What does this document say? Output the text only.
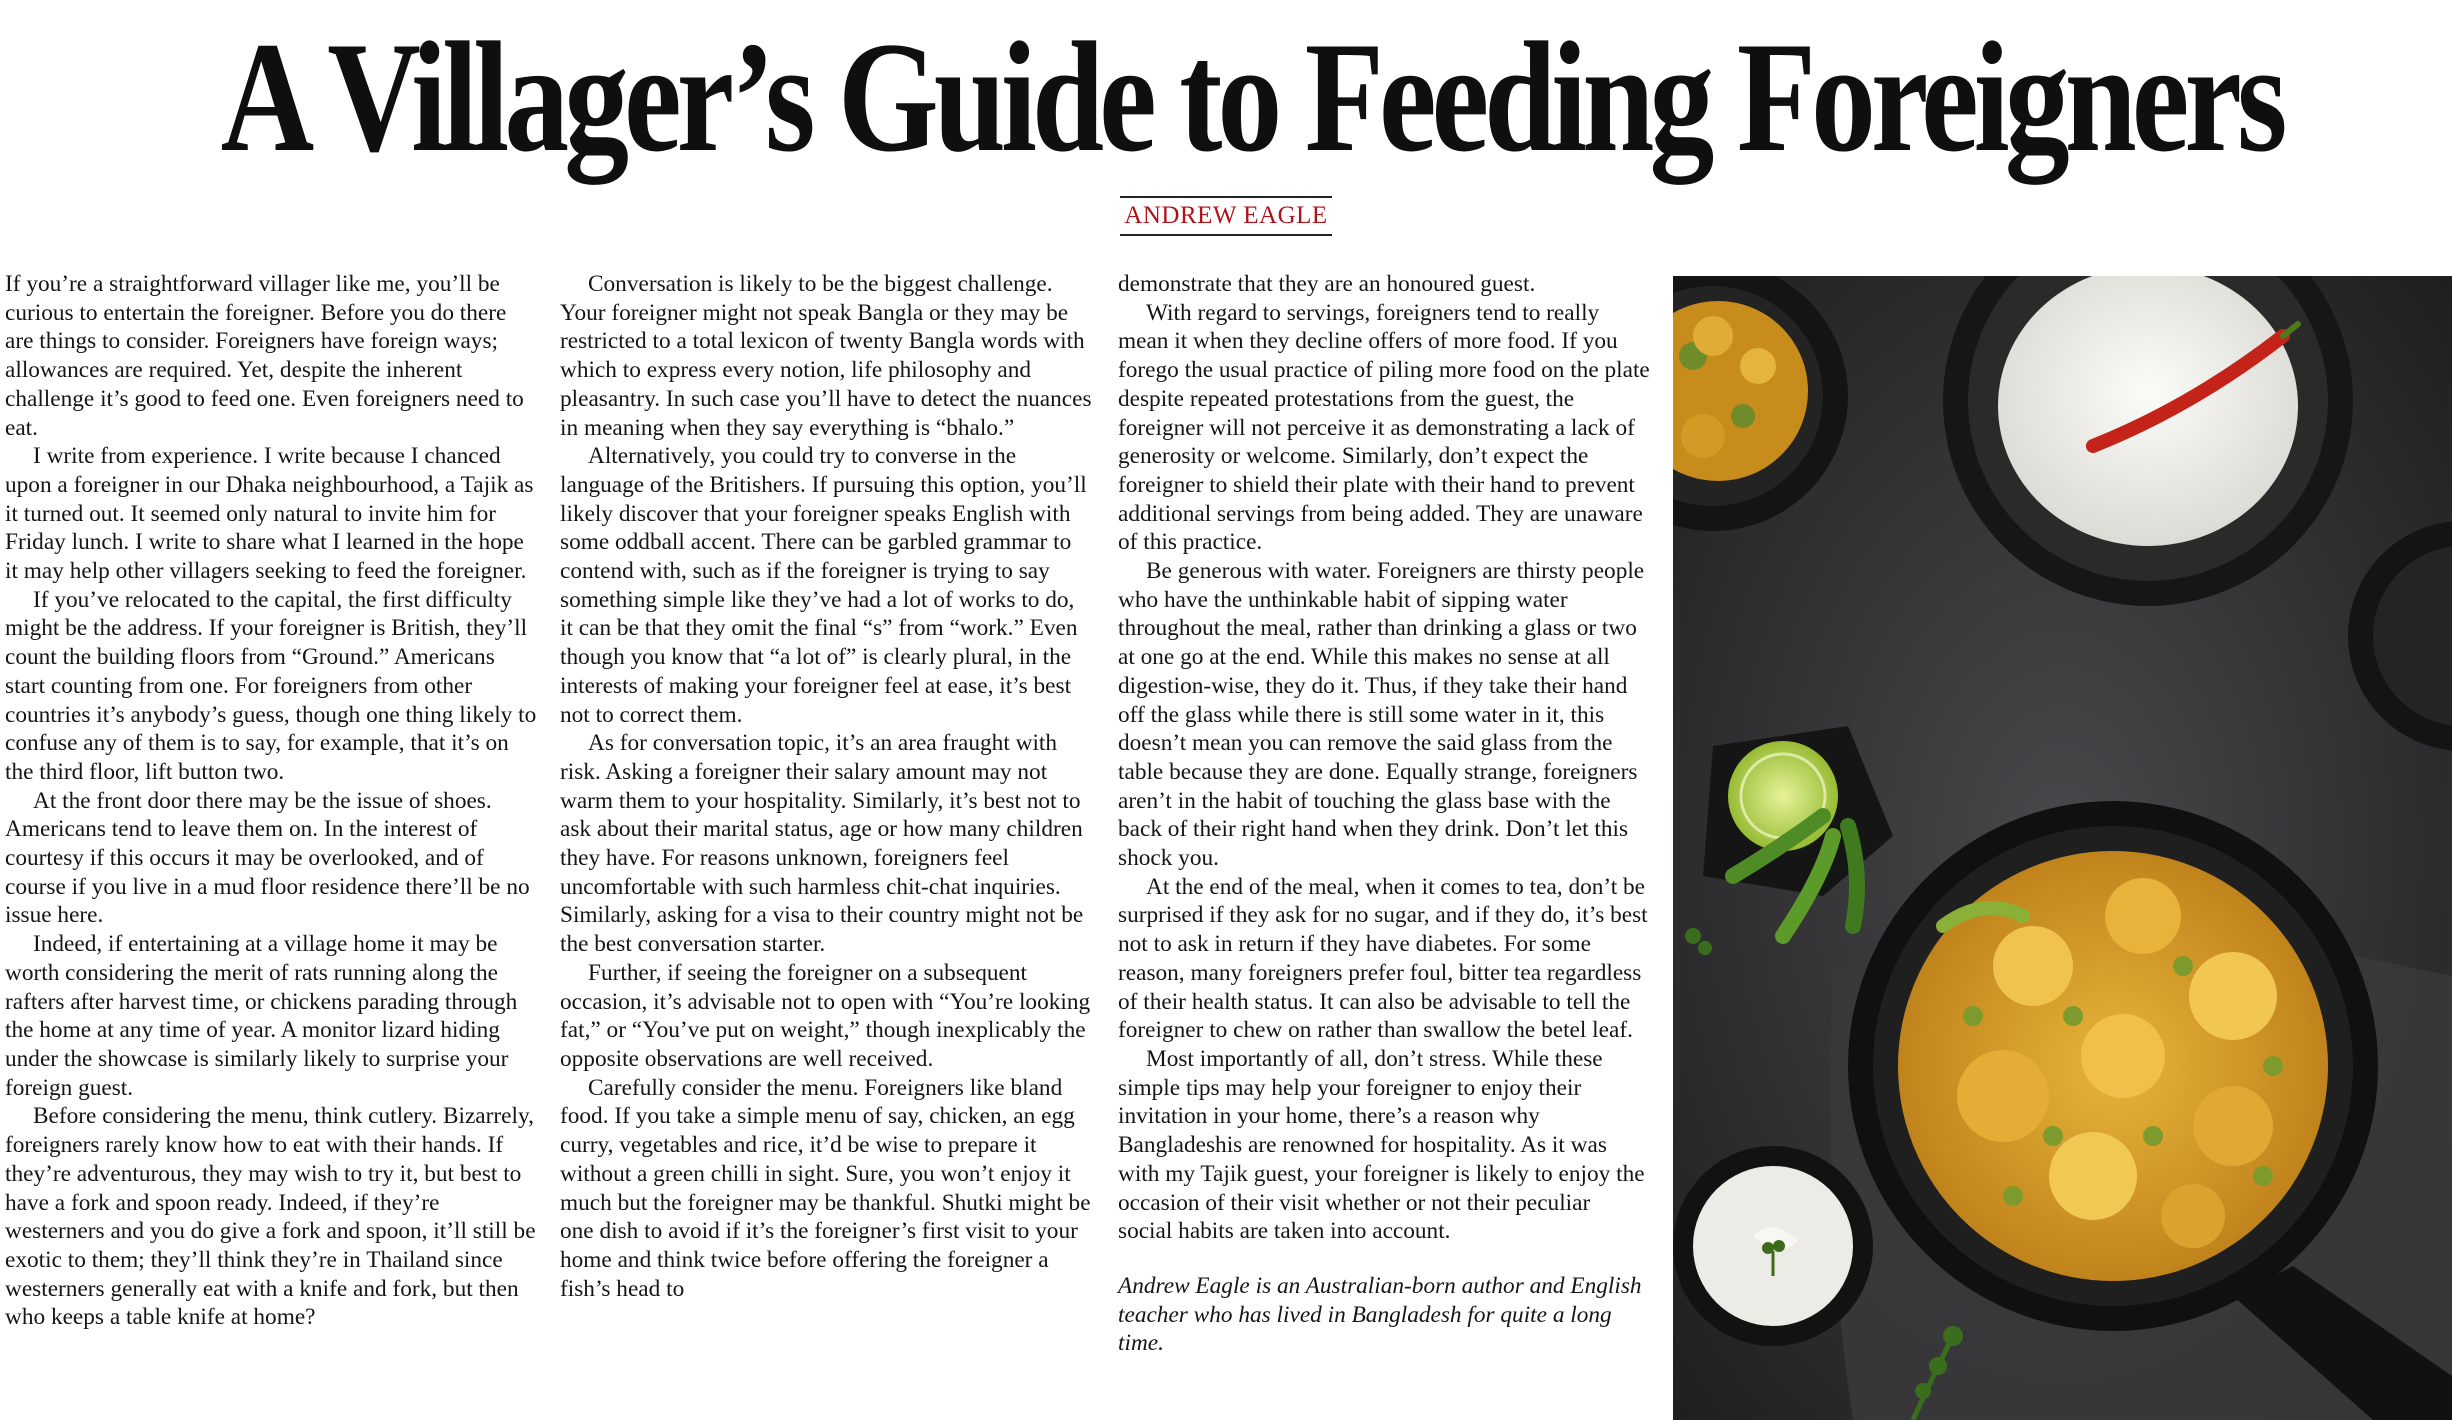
A Villager’s Guide to Feeding Foreigners
ANDREW EAGLE

If you’re a straightforward villager like me, you’ll be curious to entertain the foreigner. Before you do there are things to consider. Foreigners have foreign ways; allowances are required. Yet, despite the inherent challenge it’s good to feed one. Even foreigners need to eat.

I write from experience. I write because I chanced upon a foreigner in our Dhaka neighbourhood, a Tajik as it turned out. It seemed only natural to invite him for Friday lunch. I write to share what I learned in the hope it may help other villagers seeking to feed the foreigner.

If you’ve relocated to the capital, the first difficulty might be the address. If your foreigner is British, they’ll count the building floors from “Ground.” Americans start counting from one. For foreigners from other countries it’s anybody’s guess, though one thing likely to confuse any of them is to say, for example, that it’s on the third floor, lift button two.

At the front door there may be the issue of shoes. Americans tend to leave them on. In the interest of courtesy if this occurs it may be overlooked, and of course if you live in a mud floor residence there’ll be no issue here.

Indeed, if entertaining at a village home it may be worth considering the merit of rats running along the rafters after harvest time, or chickens parading through the home at any time of year. A monitor lizard hiding under the showcase is similarly likely to surprise your foreign guest.

Before considering the menu, think cutlery. Bizarrely, foreigners rarely know how to eat with their hands. If they’re adventurous, they may wish to try it, but best to have a fork and spoon ready. Indeed, if they’re westerners and you do give a fork and spoon, it’ll still be exotic to them; they’ll think they’re in Thailand since westerners generally eat with a knife and fork, but then who keeps a table knife at home?

Conversation is likely to be the biggest challenge. Your foreigner might not speak Bangla or they may be restricted to a total lexicon of twenty Bangla words with which to express every notion, life philosophy and pleasantry. In such case you’ll have to detect the nuances in meaning when they say everything is “bhalo.”

Alternatively, you could try to converse in the language of the Britishers. If pursuing this option, you’ll likely discover that your foreigner speaks English with some oddball accent. There can be garbled grammar to contend with, such as if the foreigner is trying to say something simple like they’ve had a lot of works to do, it can be that they omit the final “s” from “work.” Even though you know that “a lot of” is clearly plural, in the interests of making your foreigner feel at ease, it’s best not to correct them.

As for conversation topic, it’s an area fraught with risk. Asking a foreigner their salary amount may not warm them to your hospitality. Similarly, it’s best not to ask about their marital status, age or how many children they have. For reasons unknown, foreigners feel uncomfortable with such harmless chit-chat inquiries. Similarly, asking for a visa to their country might not be the best conversation starter.

Further, if seeing the foreigner on a subsequent occasion, it’s advisable not to open with “You’re looking fat,” or “You’ve put on weight,” though inexplicably the opposite observations are well received.

Carefully consider the menu. Foreigners like bland food. If you take a simple menu of say, chicken, an egg curry, vegetables and rice, it’d be wise to prepare it without a green chilli in sight. Sure, you won’t enjoy it much but the foreigner may be thankful. Shutki might be one dish to avoid if it’s the foreigner’s first visit to your home and think twice before offering the foreigner a fish’s head to

demonstrate that they are an honoured guest.

With regard to servings, foreigners tend to really mean it when they decline offers of more food. If you forego the usual practice of piling more food on the plate despite repeated protestations from the guest, the foreigner will not perceive it as demonstrating a lack of generosity or welcome. Similarly, don’t expect the foreigner to shield their plate with their hand to prevent additional servings from being added. They are unaware of this practice.

Be generous with water. Foreigners are thirsty people who have the unthinkable habit of sipping water throughout the meal, rather than drinking a glass or two at one go at the end. While this makes no sense at all digestion-wise, they do it. Thus, if they take their hand off the glass while there is still some water in it, this doesn’t mean you can remove the said glass from the table because they are done. Equally strange, foreigners aren’t in the habit of touching the glass base with the back of their right hand when they drink. Don’t let this shock you.

At the end of the meal, when it comes to tea, don’t be surprised if they ask for no sugar, and if they do, it’s best not to ask in return if they have diabetes. For some reason, many foreigners prefer foul, bitter tea regardless of their health status. It can also be advisable to tell the foreigner to chew on rather than swallow the betel leaf.

Most importantly of all, don’t stress. While these simple tips may help your foreigner to enjoy their invitation in your home, there’s a reason why Bangladeshis are renowned for hospitality. As it was with my Tajik guest, your foreigner is likely to enjoy the occasion of their visit whether or not their peculiar social habits are taken into account.

Andrew Eagle is an Australian-born author and English teacher who has lived in Bangladesh for quite a long time.
